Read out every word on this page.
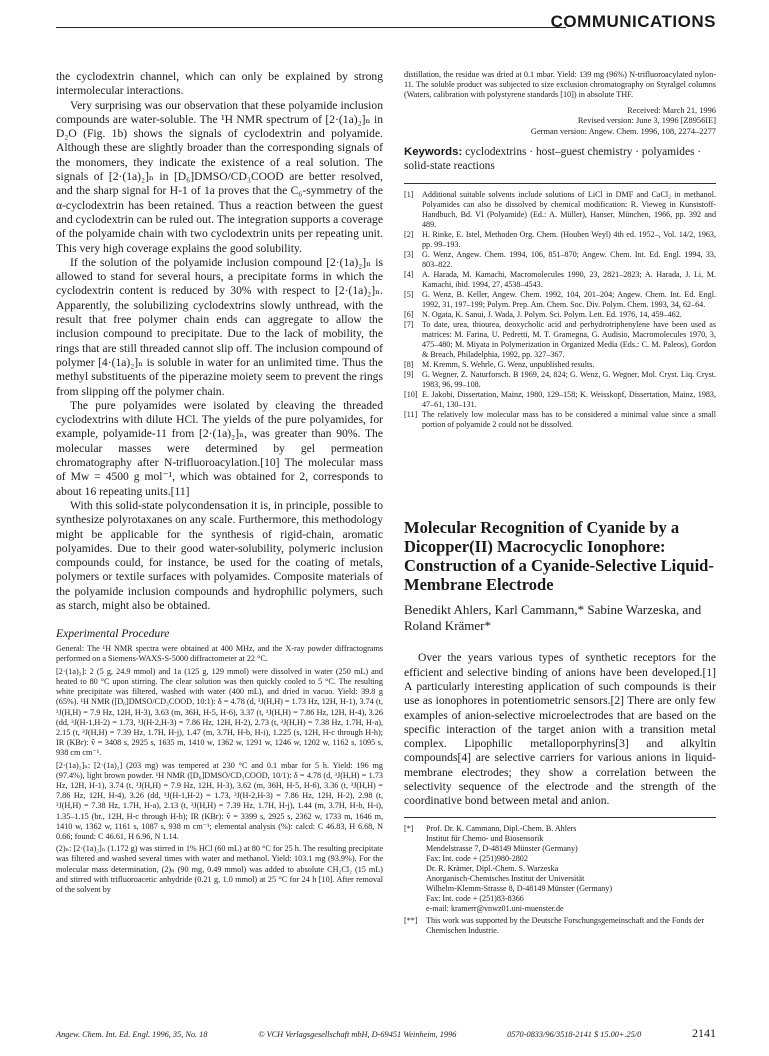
COMMUNICATIONS

the cyclodextrin channel, which can only be explained by strong intermolecular interactions.

Very surprising was our observation that these polyamide inclusion compounds are water-soluble. The ¹H NMR spectrum of [2·(1a)₂]ₙ in D₂O (Fig. 1b) shows the signals of cyclodextrin and polyamide. Although these are slightly broader than the corresponding signals of the monomers, they indicate the existence of a real solution. The signals of [2·(1a)₂]ₙ in [D₆]DMSO/CD₃COOD are better resolved, and the sharp signal for H-1 of 1a proves that the C₆-symmetry of the α-cyclodextrin has been retained. Thus a reaction between the guest and cyclodextrin can be ruled out. The integration supports a coverage of the polyamide chain with two cyclodextrin units per repeating unit. This very high coverage explains the good solubility.

If the solution of the polyamide inclusion compound [2·(1a)₂]ₙ is allowed to stand for several hours, a precipitate forms in which the cyclodextrin content is reduced by 30% with respect to [2·(1a)₂]ₙ. Apparently, the solubilizing cyclodextrins slowly unthread, with the result that free polymer chain ends can aggregate to allow the inclusion compound to precipitate. Due to the lack of mobility, the rings that are still threaded cannot slip off. The inclusion compound of polymer [4·(1a)₂]ₙ is soluble in water for an unlimited time. Thus the methyl substituents of the piperazine moiety seem to prevent the rings from slipping off the polymer chain.

The pure polyamides were isolated by cleaving the threaded cyclodextrins with dilute HCl. The yields of the pure polyamides, for example, polyamide-11 from [2·(1a)₂]ₙ, was greater than 90%. The molecular masses were determined by gel permeation chromatography after N-trifluoroacylation.[10] The molecular mass of Mw = 4500 g mol⁻¹, which was obtained for 2, corresponds to about 16 repeating units.[11]

With this solid-state polycondensation it is, in principle, possible to synthesize polyrotaxanes on any scale. Furthermore, this methodology might be applicable for the synthesis of rigid-chain, aromatic polyamides. Due to their good water-solubility, polymeric inclusion compounds could, for instance, be used for the coating of metals, polymers or textile surfaces with polyamides. Composite materials of the polyamide inclusion compounds and hydrophilic polymers, such as starch, might also be obtained.

Experimental Procedure

General: The ¹H NMR spectra were obtained at 400 MHz, and the X-ray powder diffractograms performed on a Siemens-WAXS-S-5000 diffractometer at 22 °C.

[2·(1a)₂]: 2 (5 g, 24.9 mmol) and 1a (125 g, 129 mmol) were dissolved in water (250 mL) and heated to 80 °C upon stirring. The clear solution was then quickly cooled to 5 °C. The resulting white precipitate was filtered, washed with water (400 mL), and dried in vacuo. Yield: 39.8 g (65%). ¹H NMR ([D₆]DMSO/CD₃COOD, 10:1): δ = 4.78 (d, ³J(H,H) = 1.73 Hz, 12H, H-1), 3.74 (t, ³J(H,H) = 7.9 Hz, 12H, H-3), 3.63 (m, 36H, H-5, H-6), 3.37 (t, ³J(H,H) = 7.86 Hz, 12H, H-4), 3.26 (dd, ³J(H-1,H-2) = 1.73, ³J(H-2,H-3) = 7.86 Hz, 12H, H-2), 2.73 (t, ³J(H,H) = 7.38 Hz, 1.7H, H-a), 2.15 (t, ³J(H,H) = 7.39 Hz, 1.7H, H-j), 1.47 (m, 3.7H, H-b, H-i), 1.225 (s, 12H, H-c through H-h); IR (KBr): ṽ = 3408 s, 2925 s, 1635 m, 1410 w, 1362 w, 1291 w, 1246 w, 1202 w, 1162 s, 1095 s, 938 cm cm⁻¹.

[2·(1a)₂]ₙ: [2·(1a)₂] (203 mg) was tempered at 230 °C and 0.1 mbar for 5 h. Yield: 196 mg (97.4%), light brown powder. ¹H NMR ([D₆]DMSO/CD₃COOD, 10/1): δ = 4.78 (d, ³J(H,H) = 1.73 Hz, 12H, H-1), 3.74 (t, ³J(H,H) = 7.9 Hz, 12H, H-3), 3.62 (m, 36H, H-5, H-6), 3.36 (t, ³J(H,H) = 7.86 Hz, 12H, H-4), 3.26 (dd, ³J(H-1,H-2) = 1.73, ³J(H-2,H-3) = 7.86 Hz, 12H, H-2), 2.98 (t, ³J(H,H) = 7.38 Hz, 1.7H, H-a), 2.13 (t, ³J(H,H) = 7.39 Hz, 1.7H, H-j), 1.44 (m, 3.7H, H-b, H-i), 1.35–1.15 (br., 12H, H-c through H-h); IR (KBr): ṽ = 3399 s, 2925 s, 2362 w, 1733 m, 1646 m, 1410 w, 1362 w, 1161 s, 1087 s, 938 m cm⁻¹; elemental analysis (%): calcd: C 46.83, H 6.68, N 0.66; found: C 46.61, H 6.96, N 1.14.

(2)ₙ: [2·(1a)₂]ₙ (1.172 g) was stirred in 1% HCl (60 mL) at 80 °C for 25 h. The resulting precipitate was filtered and washed several times with water and methanol. Yield: 103.1 mg (93.9%). For the molecular mass determination, (2)ₙ (90 mg, 0.49 mmol) was added to absolute CH₂Cl₂ (15 mL) and stirred with trifluoroacetic anhydride (0.21 g, 1.0 mmol) at 25 °C for 24 h [10]. After removal of the solvent by

distillation, the residue was dried at 0.1 mbar. Yield: 139 mg (96%) N-trifluoroacylated nylon-11. The soluble product was subjected to size exclusion chromatography on Styralgel columns (Waters, calibration with polystyrene standards [10]) in absolute THF.

Received: March 21, 1996
Revised version: June 3, 1996 [Z8956IE]
German version: Angew. Chem. 1996, 108, 2274–2277
Keywords: cyclodextrins · host–guest chemistry · polyamides · solid-state reactions
[1]	Additional suitable solvents include solutions of LiCl in DMF and CaCl₂ in methanol. Polyamides can also be dissolved by chemical modification: R. Vieweg in Kunststoff-Handbuch, Bd. VI (Polyamide) (Ed.: A. Müller), Hanser, München, 1966, pp. 392 and 489.
[2]	H. Rinke, E. Istel, Methoden Org. Chem. (Houben Weyl) 4th ed. 1952–, Vol. 14/2, 1963, pp. 99–193.
[3]	G. Wenz, Angew. Chem. 1994, 106, 851–870; Angew. Chem. Int. Ed. Engl. 1994, 33, 803–822.
[4]	A. Harada, M. Kamachi, Macromolecules 1990, 23, 2821–2823; A. Harada, J. Li, M. Kamachi, ibid. 1994, 27, 4538–4543.
[5]	G. Wenz, B. Keller, Angew. Chem. 1992, 104, 201–204; Angew. Chem. Int. Ed. Engl. 1992, 31, 197–199; Polym. Prep. Am. Chem. Soc. Div. Polym. Chem. 1993, 34, 62–64.
[6]	N. Ogata, K. Sanui, J. Wada, J. Polym. Sci. Polym. Lett. Ed. 1976, 14, 459–462.
[7]	To date, urea, thiourea, deoxycholic acid and perhydrotriphenylene have been used as matrices: M. Farina, U. Pedretti, M. T. Gramegna, G. Audisio, Macromolecules 1970, 3, 475–480; M. Miyata in Polymerization in Organized Media (Eds.: C. M. Paleos), Gordon & Breach, Philadelphia, 1992, pp. 327–367.
[8]	M. Kremm, S. Wehrle, G. Wenz, unpublished results.
[9]	G. Wegner, Z. Naturforsch. B 1969, 24, 824; G. Wenz, G. Wegner, Mol. Cryst. Liq. Cryst. 1983, 96, 99–108.
[10] E. Jakobi, Dissertation, Mainz, 1980, 129–158; K. Weisskopf, Dissertation, Mainz, 1983, 47–61, 130–131.
[11] The relatively low molecular mass has to be considered a minimal value since a small portion of polyamide 2 could not be dissolved.
Molecular Recognition of Cyanide by a Dicopper(II) Macrocyclic Ionophore: Construction of a Cyanide-Selective Liquid-Membrane Electrode
Benedikt Ahlers, Karl Cammann,* Sabine Warzeska, and Roland Krämer*

Over the years various types of synthetic receptors for the efficient and selective binding of anions have been developed.[1] A particularly interesting application of such compounds is their use as ionophores in potentiometric sensors.[2] There are only few examples of anion-selective microelectrodes that are based on the specific interaction of the target anion with a transition metal complex. Lipophilic metalloporphyrins[3] and alkyltin compounds[4] are selective carriers for various anions in liquid-membrane electrodes; they show a correlation between the selectivity sequence of the electrode and the strength of the coordinative bond between metal and anion.

[*]	Prof. Dr. K. Cammann, Dipl.-Chem. B. Ahlers
Institut für Chemo- und Biosensorik
Mendelstrasse 7, D-48149 Münster (Germany)
Fax: Int. code + (251)980-2802
Dr. R. Krämer, Dipl.-Chem. S. Warzeska
Anorganisch-Chemisches Institut der Universität
Wilhelm-Klemm-Strasse 8, D-48149 Münster (Germany)
Fax: Int. code + (251)83-8366
e-mail: kramerr@vnwz01.uni-muenster.de
[**]	This work was supported by the Deutsche Forschungsgemeinschaft and the Fonds der Chemischen Industrie.
Angew. Chem. Int. Ed. Engl. 1996, 35, No. 18	© VCH Verlagsgesellschaft mbH, D-69451 Weinheim, 1996	0570-0833/96/3518-2141 $ 15.00+.25/0	2141
